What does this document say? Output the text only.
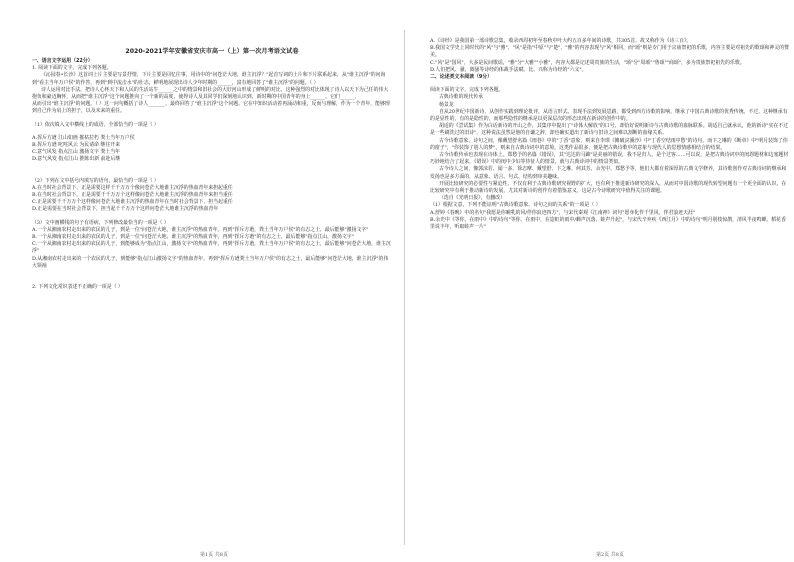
2020-2021学年安徽省安庆市高一（上）第一次月考语文试卷

一、语言文字运用（22分）

1. 阅读下面的文字，完成下列各题。

《沁园春•长沙》这首词上片主要是写景抒情，下片主要是回忆往事，用诗中的"问苍茫大地，谁主沉浮？"起首写词的上片和下片联系起来，从"谁主沉浮"的问询到"看主当年万户侯"的作答，再到"到中流击水"的壮志，鲜明地展现出诗人少年时期的______，富有地回答了"谁主沉浮"的问题。（ ）

诗人运用对比手法，把诗人心怀天下和人民的生活站牛______之中的情景和旧社会的大好河山形成了鲜明的对比，这种强烈的对比体现了诗人以天下为己任的伟大抱负和豪迈胸怀，从而把"谁主沉浮"这个问题推向了一个新的高度，使得诗人及其同学们深刻地认识到，新时期的中国青年的身上______。它们______，

从而引出"谁主沉浮"的问题。（ ）这一问句概括了诗人_______，最终回答了"谁主沉浮"这个问题。它在中知识活动着再涌动和重，反而与理解，作为一个青年，能够理到自己作为肩上的担子，以及未来的重任。

（1）依次填入文中横线上的成语，全部恰当的一项是（ ）

A.挥斥方遒 江山如画 摧枯拉朽 粪土当年万户侯

B.挥斥方遒 叱咤风云 为民请命 继往开来

C.意气风发 指点江山 激扬文字 粪土当年

D.意气风发 指点江山 推陈出新 前赴后继

（2）下列在文中括号内填写的语句，最恰当的一项是（ ）

A.在当时社会背景下，正是需要这样千千万万个像问苍茫大地谁主沉浮的热血青年来担起重任

B.在当时社会背景下，正是需要千千万万个这样像问苍茫大地谁主沉浮的热血青年来担当重任

C.正是需要千千万万个这样像问苍茫大地谁主沉浮的热血青年在当时社会背景下，担当起重任

D.正是需要在当时社会背景下，担当起千千万万个这样问苍茫大地谁主沉浮的热血青年

（3）文中画横线的句子有语病，下列修改最恰当的一项是（ ）

A.一个从湘南农村走出来的农民的儿子，到是一位"问苍茫大地，谁主沉浮"的热血青年。再到"挥斥方遒，粪土当年万户侯"的有志之士，最后能够"激扬文字"

B.一个从湘南农村走出来的农民的儿子，到是一位"问苍茫大地，谁主沉浮"的热血青年，再到"挥斥方遒"的有志之士，最后能够"指点江山，激扬文字"

C.一个从湘南农村走出来的农民的儿子，到能够成为"指点江山，激扬文字"的热血青年，再到"挥斥方遒，粪土当年万户侯"的有志之士，最后能够"问苍茫大地，谁主沉浮"

D.从湘南农村走出来的一个农民的儿子，到能够"指点江山激扬文字"的热血青年。再到"挥斥方遒粪土当年万户侯"的有志之士，最后能够"问苍茫大地，谁主沉浮"的伟大领袖

2. 下列文化常识表述不正确的一项是（ ）

A.《诗经》是我国第一部诗歌总集，收录西周初年至春秋中叶大约五百多年间的诗歌，共305首，故又称作为《诗三百》。

B.我国文学史上同时代的"风"与"雅"，"风"是指"中原"与"楚"，"雅"的内容表现与"风"相同，而"颂"则是专门用于宗庙祭祀的乐歌，内容主要是对祖先的歌颂和神灵的赞美。

C."风"是"国风"，大多是民间歌谣，"雅"分"大雅""小雅"，内容大都是记述周贵族的生活，"颂"分"周颂""鲁颂""商颂"，多为贵族祭祀祖先的乐歌。

D.人们把风、骚、离骚等诗经的体裁手法赋、比、兴称为诗经的"六义"。

二、论述类文本阅读（9分）

阅读下面的文字，完成下列各题。

古典诗歌的现代传承

杨景龙

自从20世纪中国新诗，从创作实践到理论批评，从语言形式、表现手法到发展思路，都受到西方诗歌的影响，继承了中国古典诗歌的优秀传统。不过，这种继承有的是显性的，有的是隐性的，而那些隐性的继承是以更深层次的形态出现在新诗的创作中的。

胡适的《尝试集》作为白话新诗的开山之作，其集序中提出了"诗体大解放"的口号，却恰好说明新诗与古典诗歌的血脉联系。胡适自己就承认，他的新诗"实在不过是一些刷洗过的旧诗"，这种说法虽然是他的自谦之辞，却也确实道出了新诗与旧诗之间难以割断的血缘关系。

古今诗歌意象、诗句之间，像戴望舒名篇《雨巷》中的"丁香"意象，则来自李璟《摊破浣溪沙》中"丁香空结雨中愁"的诗句。而卞之琳的《断章》中"明月装饰了你的窗子"，"你装饰了别人的梦"，则来自古典诗词中的意境。这类作品很多，便是把古典诗歌中的意象与现代人的思想情感相结合的结果。

古今诗歌传承也表现在诗体上。郑愁予的名篇《错误》，其"达达的马蹄"是美丽的错误，我不是归人，是个过客……可以说，是把古典诗词中的闺怨题材和边塞题材巧妙地结合了起来，《错误》中的闺中少妇等待征人的情景，就与古典诗词中的情景类似。

古今诗人之间，像郭沫若、闻一多、徐志摩、戴望舒、卞之琳、何其芳、余光中、郑愁予等，他们大都有着深厚的古典文学修养，其诗歌创作对古典诗词的继承和发扬也是多方面的，从意象、语言、句式、结构到审美趣味。

开展比较研究的必要性与紧迫性，不仅有利于古典诗歌研究视野的扩大，也有利于推进新诗研究的深入，从而对中国诗歌的现代转型问题有一个更全面的认识，在比较研究中有利于推动新诗的发展，尤其对新诗的创作有着借鉴意义，这是古今诗歌研究中值得关注的课题。

（选自《光明日报》，有删改）

（1）根据文意，下列不能证明"古典诗歌意象、诗句之间的关系"的一项是（ ）

A.舒婷《春晚》中的名句"我愿是你哺乳的风/伴你浪迹四方"，与宋代秦观《江南神》词句"愿身化作千里风，伴君浪迹天涯"

B.余光中《等你，在雨中》中的诗句"等你，在雨中，在造虹的雨中/蝉声沉落，蛙声升起"，与宋代辛弃疾《西江月》中的诗句"明月别枝惊鹊，清风半夜鸣蝉。稻花香里说丰年，听取蛙声一片"

第1页 共8页	第2页 共8页
